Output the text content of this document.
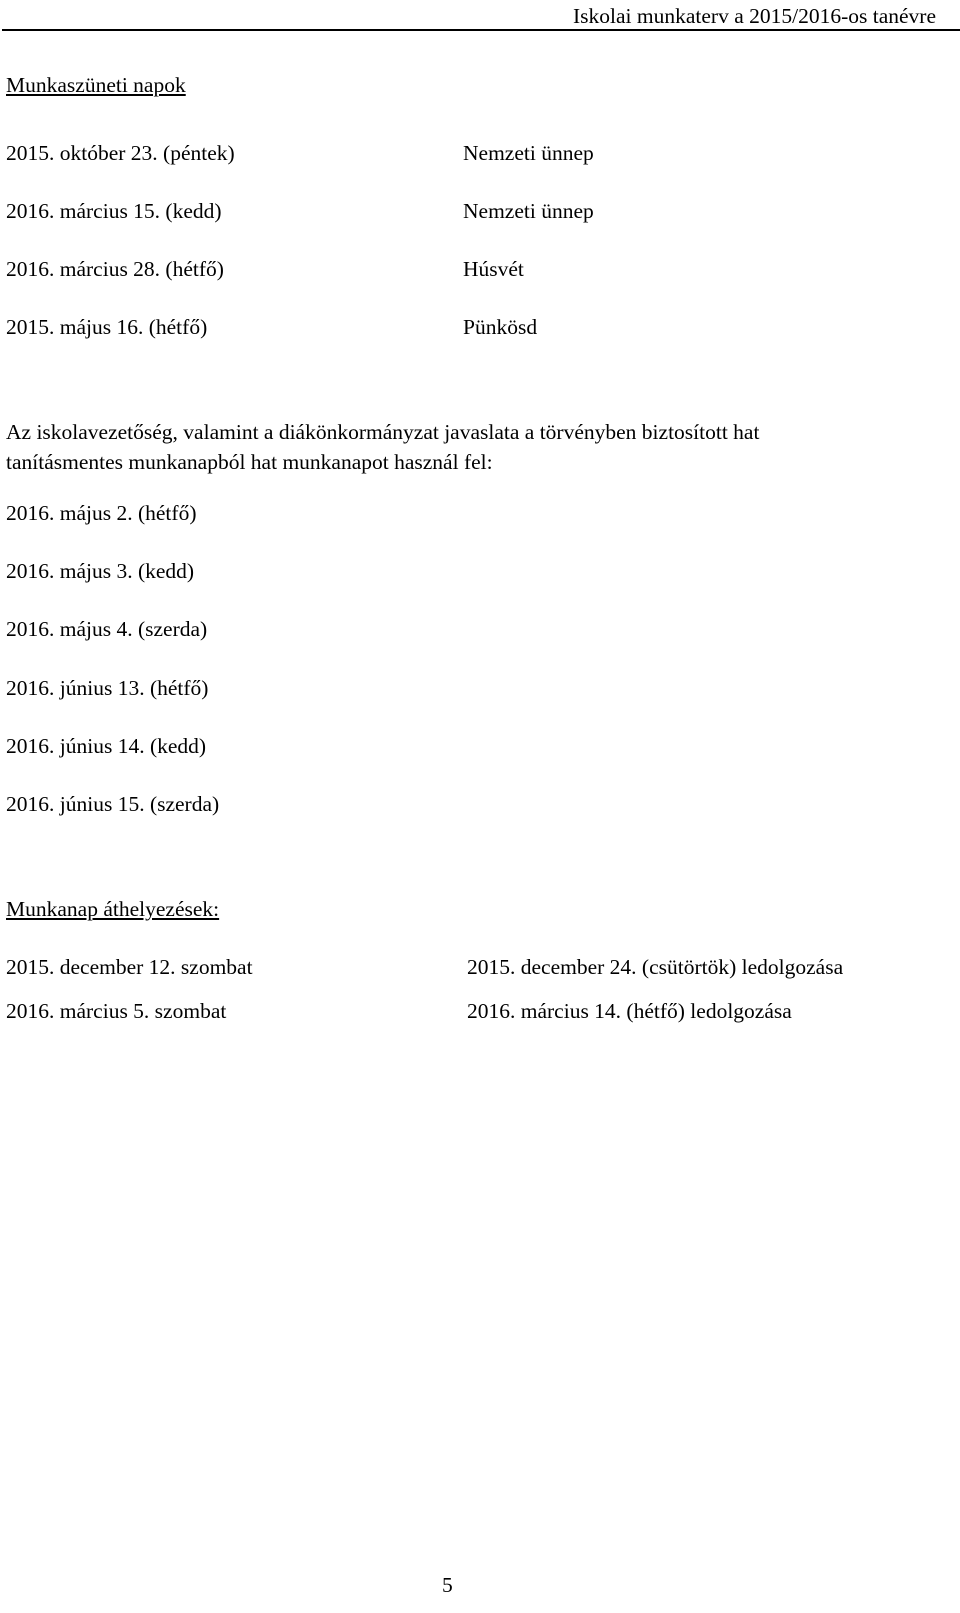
Iskolai munkaterv a 2015/2016-os tanévre
Munkaszüneti napok
2015. október 23. (péntek)	Nemzeti ünnep
2016. március 15. (kedd)	Nemzeti ünnep
2016. március 28. (hétfő)	Húsvét
2015. május 16. (hétfő)	Pünkösd
Az iskolavezetőség, valamint a diákönkormányzat javaslata a törvényben biztosított hat
tanításmentes munkanapból hat munkanapot használ fel:
2016. május 2. (hétfő)
2016. május 3. (kedd)
2016. május 4. (szerda)
2016. június 13. (hétfő)
2016. június 14. (kedd)
2016. június 15. (szerda)
Munkanap áthelyezések:
2015. december 12. szombat	2015. december 24. (csütörtök) ledolgozása
2016. március 5. szombat	2016. március 14. (hétfő) ledolgozása
5
